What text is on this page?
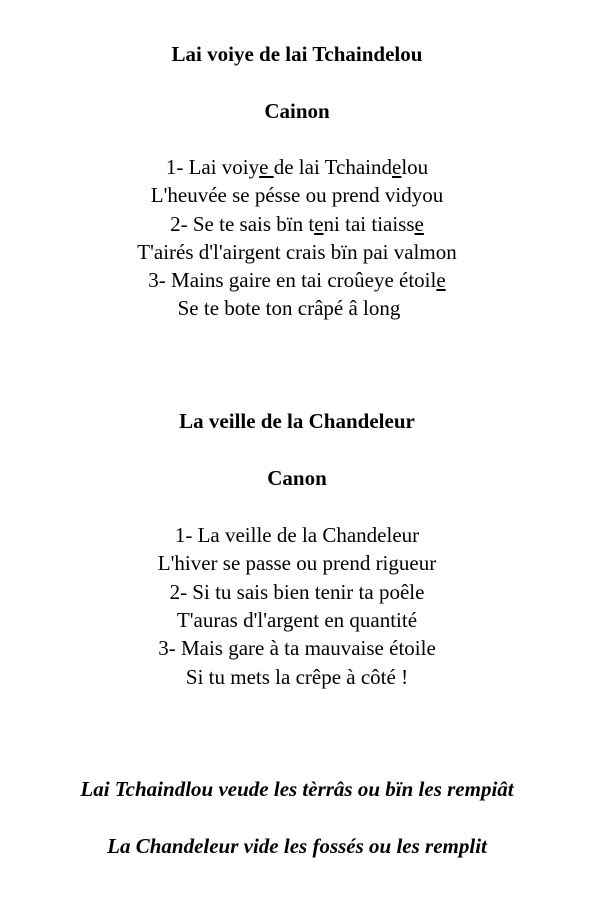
Lai voiye de lai Tchaindelou
Cainon
1- Lai voiye de lai Tchaindelou
L'heuvée se pésse ou prend vidyou
2- Se te sais bïn teni tai tiaisse
T'airés d'l'airgent crais bïn pai valmon
3- Mains gaire en tai croûeye étoile
Se te bote ton crâpé â long
La veille de la Chandeleur
Canon
1- La veille de la Chandeleur
L'hiver se passe ou prend rigueur
2- Si tu sais bien tenir ta poêle
T'auras d'l'argent en quantité
3- Mais gare à ta mauvaise étoile
Si tu mets la crêpe à côté !
Lai Tchaindlou veude les tèrrâs ou bïn les rempiât
La Chandeleur vide les fossés ou les remplit
